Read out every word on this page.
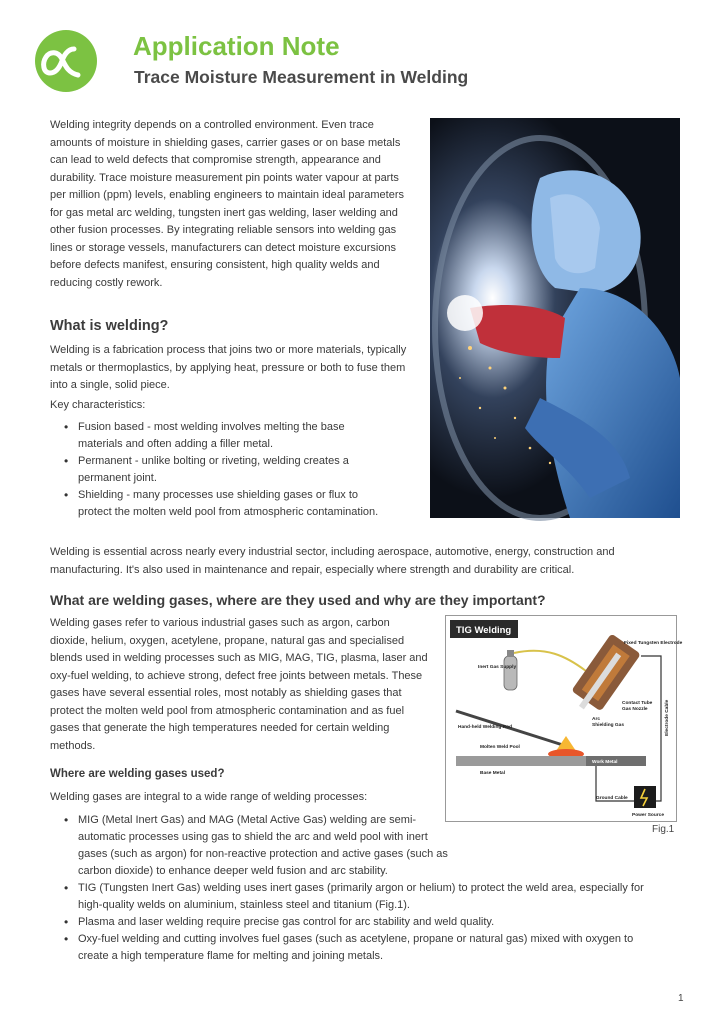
Application Note
Trace Moisture Measurement in Welding

Welding integrity depends on a controlled environment. Even trace amounts of moisture in shielding gases, carrier gases or on base metals can lead to weld defects that compromise strength, appearance and durability. Trace moisture measurement pin points water vapour at parts per million (ppm) levels, enabling engineers to maintain ideal parameters for gas metal arc welding, tungsten inert gas welding, laser welding and other fusion processes. By integrating reliable sensors into welding gas lines or storage vessels, manufacturers can detect moisture excursions before defects manifest, ensuring consistent, high quality welds and reducing costly rework.

What is welding?

Welding is a fabrication process that joins two or more materials, typically metals or thermoplastics, by applying heat, pressure or both to fuse them into a single, solid piece.

Key characteristics:

• Fusion based - most welding involves melting the base materials and often adding a filler metal.
• Permanent - unlike bolting or riveting, welding creates a permanent joint.
• Shielding - many processes use shielding gases or flux to protect the molten weld pool from atmospheric contamination.

Welding is essential across nearly every industrial sector, including aerospace, automotive, energy, construction and manufacturing. It's also used in maintenance and repair, especially where strength and durability are critical.

What are welding gases, where are they used and why are they important?

Welding gases refer to various industrial gases such as argon, carbon dioxide, helium, oxygen, acetylene, propane, natural gas and specialised blends used in welding processes such as MIG, MAG, TIG, plasma, laser and oxy-fuel welding, to achieve strong, defect free joints between metals. These gases have several essential roles, most notably as shielding gases that protect the molten weld pool from atmospheric contamination and as fuel gases that generate the high temperatures needed for certain welding methods.

TIG Welding
Fixed Tungsten Electrode
Inert Gas Supply
Contact Tube
Gas Nozzle
Arc
Shielding Gas
Hand-held Welding Rod
Molten Weld Pool
Work Metal
Base Metal
Ground Cable
Power Source
Electrode Cable
Fig.1
Where are welding gases used?

Welding gases are integral to a wide range of welding processes:

• MIG (Metal Inert Gas) and MAG (Metal Active Gas) welding are semi-automatic processes using gas to shield the arc and weld pool with inert gases (such as argon) for non-reactive protection and active gases (such as carbon dioxide) to enhance deeper weld fusion and arc stability.
• TIG (Tungsten Inert Gas) welding uses inert gases (primarily argon or helium) to protect the weld area, especially for high-quality welds on aluminium, stainless steel and titanium (Fig.1).
• Plasma and laser welding require precise gas control for arc stability and weld quality.
• Oxy-fuel welding and cutting involves fuel gases (such as acetylene, propane or natural gas) mixed with oxygen to create a high temperature flame for melting and joining metals.
1
